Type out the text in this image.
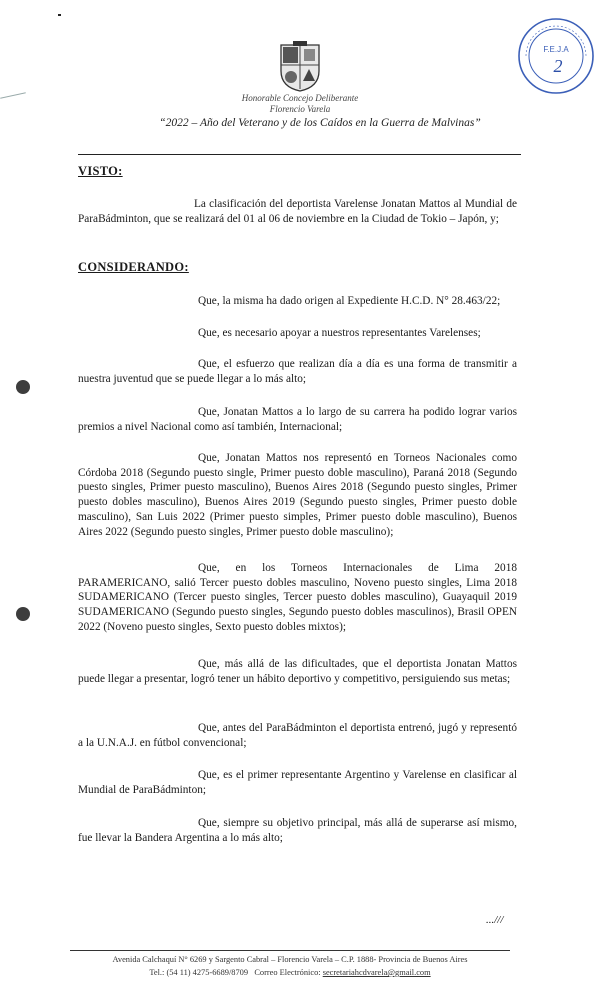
Honorable Concejo Deliberante
Florencio Varela
“2022 – Año del Veterano y de los Caídos en la Guerra de Malvinas”
F.E.J.A
2
VISTO:
La clasificación del deportista Varelense Jonatan Mattos al Mundial de ParaBádminton, que se realizará del 01 al 06 de noviembre en la Ciudad de Tokio – Japón, y;
CONSIDERANDO:
Que, la misma ha dado origen al Expediente H.C.D. N° 28.463/22;
Que, es necesario apoyar a nuestros representantes Varelenses;
Que, el esfuerzo que realizan día a día es una forma de transmitir a nuestra juventud que se puede llegar a lo más alto;
Que, Jonatan Mattos a lo largo de su carrera ha podido lograr varios premios a nivel Nacional como así también, Internacional;
Que, Jonatan Mattos nos representó en Torneos Nacionales como Córdoba 2018 (Segundo puesto single, Primer puesto doble masculino), Paraná 2018 (Segundo puesto singles, Primer puesto masculino), Buenos Aires 2018 (Segundo puesto singles, Primer puesto dobles masculino), Buenos Aires 2019 (Segundo puesto singles, Primer puesto doble masculino), San Luis 2022 (Primer puesto simples, Primer puesto doble masculino), Buenos Aires 2022 (Segundo puesto singles, Primer puesto doble masculino);
Que, en los Torneos Internacionales de Lima 2018 PARAMERICANO, salió Tercer puesto dobles masculino, Noveno puesto singles, Lima 2018 SUDAMERICANO (Tercer puesto singles, Tercer puesto dobles masculino), Guayaquil 2019 SUDAMERICANO (Segundo puesto singles, Segundo puesto dobles masculinos), Brasil OPEN 2022 (Noveno puesto singles, Sexto puesto dobles mixtos);
Que, más allá de las dificultades, que el deportista Jonatan Mattos puede llegar a presentar, logró tener un hábito deportivo y competitivo, persiguiendo sus metas;
Que, antes del ParaBádminton el deportista entrenó, jugó y representó a la U.N.A.J. en fútbol convencional;
Que, es el primer representante Argentino y Varelense en clasificar al Mundial de ParaBádminton;
Que, siempre su objetivo principal, más allá de superarse así mismo, fue llevar la Bandera Argentina a lo más alto;
...///
Avenida Calchaquí N° 6269 y Sargento Cabral – Florencio Varela – C.P. 1888- Provincia de Buenos Aires
Tel.: (54 11) 4275-6689/8709 Correo Electrónico: secretariahcdvarela@gmail.com
